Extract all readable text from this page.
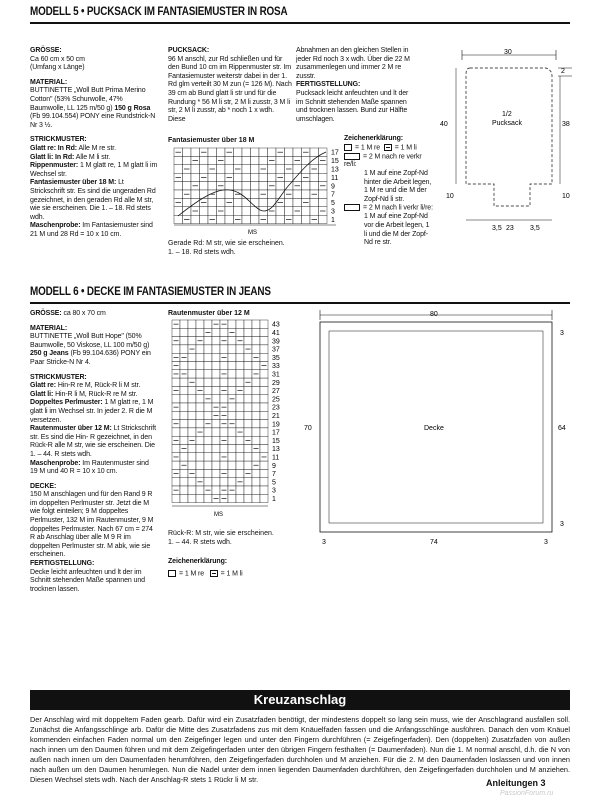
MODELL 5 • PUCKSACK IM FANTASIEMUSTER IN ROSA

GRÖSSE:
Ca 60 cm x 50 cm
(Umfang x Länge)

MATERIAL:
BUTTINETTE „Woll Butt Prima Merino Cotton" (53% Schurwolle, 47% Baumwolle, LL 125 m/50 g) 150 g Rosa (Fb 99.104.554) PONY eine Rundstrick-N Nr 3 ½.

STRICKMUSTER:
Glatt re: In Rd: Alle M re str.
Glatt li: In Rd: Alle M li str.
Rippenmuster: 1 M glatt re, 1 M glatt li im Wechsel str.
Fantasiemuster über 18 M: Lt Strickschrift str. Es sind die ungeraden Rd gezeichnet, in den geraden Rd alle M str, wie sie erscheinen. Die 1. – 18. Rd stets wdh.
Maschenprobe: Im Fantasiemuster sind 21 M und 28 Rd = 10 x 10 cm.

PUCKSACK:
96 M anschl, zur Rd schließen und für den Bund 10 cm im Rippenmuster str. Im Fantasiemuster weiterstr dabei in der 1. Rd glm verteilt 30 M zun (= 126 M). Nach 39 cm ab Bund glatt li str und für die Rundung * 56 M li str, 2 M li zusstr, 3 M li str, 2 M li zusstr, ab * noch 1 x wdh. Diese

Abnahmen an den gleichen Stellen in jeder Rd noch 3 x wdh. Über die 22 M zusammenlegen und immer 2 M re zusstr.

FERTIGSTELLUNG:
Pucksack leicht anfeuchten und lt der im Schnitt stehenden Maße spannen und trocknen lassen. Bund zur Hälfte umschlagen.

Fantasiemuster über 18 M
17
15
13
11
9
7
5
3
1
MS
Gerade Rd: M str, wie sie erscheinen.
1. – 18. Rd stets wdh.

Zeichenerklärung:

= 1 M re = 1 M li

= 2 M nach re verkr re/li:

1 M auf eine Zopf-Nd hinter die Arbeit legen, 1 M re und die M der Zopf-Nd li str.

= 2 M nach li verkr li/re:

1 M auf eine Zopf-Nd vor die Arbeit legen, 1 li und die M der Zopf-Nd re str.

30
2
40	38
1/2
Pucksack
10	10
3,5 23 3,5
MODELL 6 • DECKE IM FANTASIEMUSTER IN JEANS

GRÖSSE: ca 80 x 70 cm

MATERIAL:
BUTTINETTE „Woll Butt Hope" (50% Baumwolle, 50 Viskose, LL 100 m/50 g) 250 g Jeans (Fb 99.104.636) PONY ein Paar Stricke-N Nr 4.

STRICKMUSTER:
Glatt re: Hin-R re M, Rück-R li M str.
Glatt li: Hin-R li M, Rück-R re M str.
Doppeltes Perlmuster: 1 M glatt re, 1 M glatt li im Wechsel str. In jeder 2. R die M versetzen.
Rautenmuster über 12 M: Lt Strickschrift str. Es sind die Hin- R gezeichnet, in den Rück-R alle M str, wie sie erscheinen. Die 1. – 44. R stets wdh.
Maschenprobe: Im Rautenmuster sind 19 M und 40 R = 10 x 10 cm.

DECKE:
150 M anschlagen und für den Rand 9 R im doppelten Perlmuster str. Jetzt die M wie folgt einteilen; 9 M doppeltes Perlmuster, 132 M im Rautenmuster, 9 M doppeltes Perlmuster. Nach 67 cm = 274 R ab Anschlag über alle M 9 R im doppelten Perlmuster str. M abk, wie sie erscheinen.

FERTIGSTELLUNG:
Decke leicht anfeuchten und lt der im Schnitt stehenden Maße spannen und trocknen lassen.

Rautenmuster über 12 M
43
41
39
37
35
33
31
29
27
25
23
21
19
17
15
13
11
9
7
5
3
1
MS
Rück-R: M str, wie sie erscheinen.
1. – 44. R stets wdh.

Zeichenerklärung:

= 1 M re = 1 M li

80
3
70	64
Decke
3
3	74	3
Kreuzanschlag
Der Anschlag wird mit doppeltem Faden gearb. Dafür wird ein Zusatzfaden benötigt, der mindestens doppelt so lang sein muss, wie der Anschlagrand ausfallen soll. Zunächst die Anfangsschlinge arb. Dafür die Mitte des Zusatzfadens zus mit dem Knäuelfaden fassen und die Anfangsschlinge ausführen. Danach den vom Knäuel kommenden einfachen Faden normal um den Zeigefinger legen und unter den Fingern durchführen (= Zeigefingerfaden). Den (doppelten) Zusatzfaden von außen nach innen um den Daumen führen und mit dem Zeigefingerfaden unter den übrigen Fingern festhalten (= Daumenfaden). Nun die 1. M normal anschl, d.h. die N von außen nach innen um den Daumenfaden herumführen, den Zeigefingerfaden durchholen und M anziehen. Für die 2. M den Daumenfaden loslassen und von innen nach außen um den Daumen herumlegen. Nun die Nadel unter dem innen liegenden Daumenfaden durchführen, den Zeigefingerfaden durchholen und M anziehen. Diesen Wechsel stets wdh. Nach der Anschlag-R stets 1 Rückr li M str.	Anleitungen 3
PassionForum.ru
